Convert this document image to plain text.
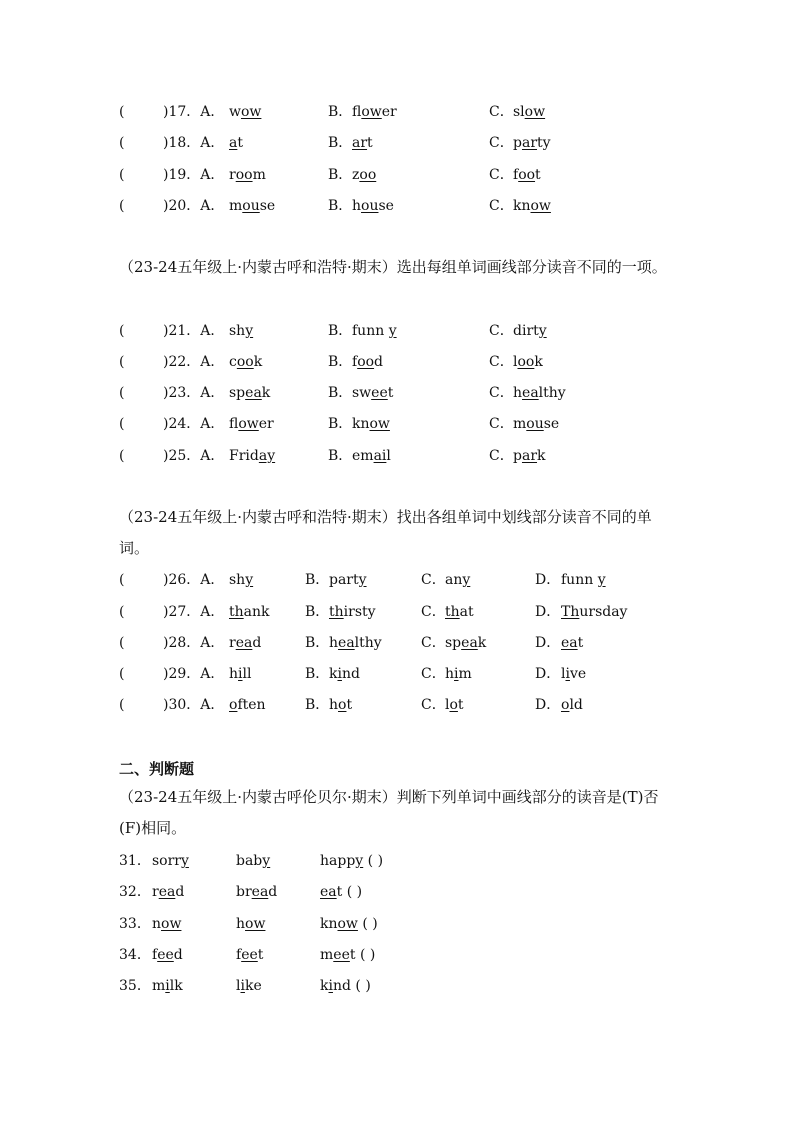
(	)17．A． wow	B． flower	C． slow
(	)18．A． at	B． art	C． party
(	)19．A． room	B． zoo	C． foot
(	)20．A． mouse	B． house	C． know
（23-24五年级上·内蒙古呼和浩特·期末）选出每组单词画线部分读音不同的一项。
(	)21．A． shy	B． funn y	C． dirty
(	)22．A． cook	B． food	C． look
(	)23．A． speak	B． sweet	C． healthy
(	)24．A． flower	B． know	C． mouse
(	)25．A． Friday	B． email	C． park
（23-24五年级上·内蒙古呼和浩特·期末）找出各组单词中划线部分读音不同的单词。
(	)26．A． shy	B． party	C． any	D． funn y
(	)27．A． thank	B． thirsty	C． that	D． Thursday
(	)28．A． read	B． healthy	C． speak	D． eat
(	)29．A． hill	B． kind	C． him	D． live
(	)30．A． often	B． hot	C． lot	D． old
二、判断题
（23-24五年级上·内蒙古呼伦贝尔·期末）判断下列单词中画线部分的读音是(T)否(F)相同。
31． sorry	baby	happy ( )
32． read	bread	eat ( )
33． now	how	know ( )
34． feed	feet	meet ( )
35． milk	like	kind ( )
